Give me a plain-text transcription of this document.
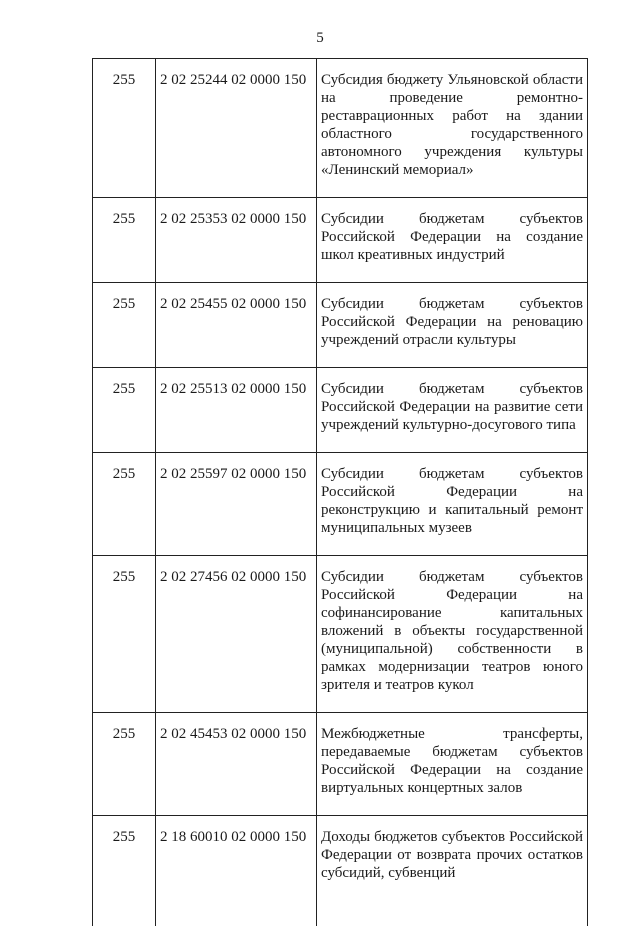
5
255	2 02 25244 02 0000 150	Субсидия бюджету Ульяновской области на проведение ремонтно-реставрационных работ на здании областного государственного автономного учреждения культуры «Ленинский мемориал»
255	2 02 25353 02 0000 150	Субсидии бюджетам субъектов Российской Федерации на создание школ креативных индустрий
255	2 02 25455 02 0000 150	Субсидии бюджетам субъектов Российской Федерации на реновацию учреждений отрасли культуры
255	2 02 25513 02 0000 150	Субсидии бюджетам субъектов Российской Федерации на развитие сети учреждений культурно-досугового типа
255	2 02 25597 02 0000 150	Субсидии бюджетам субъектов Российской Федерации на реконструкцию и капитальный ремонт муниципальных музеев
255	2 02 27456 02 0000 150	Субсидии бюджетам субъектов Российской Федерации на софинансирование капитальных вложений в объекты государственной (муниципальной) собственности в рамках модернизации театров юного зрителя и театров кукол
255	2 02 45453 02 0000 150	Межбюджетные трансферты, передаваемые бюджетам субъектов Российской Федерации на создание виртуальных концертных залов
255	2 18 60010 02 0000 150	Доходы бюджетов субъектов Российской Федерации от возврата прочих остатков субсидий, субвенций
